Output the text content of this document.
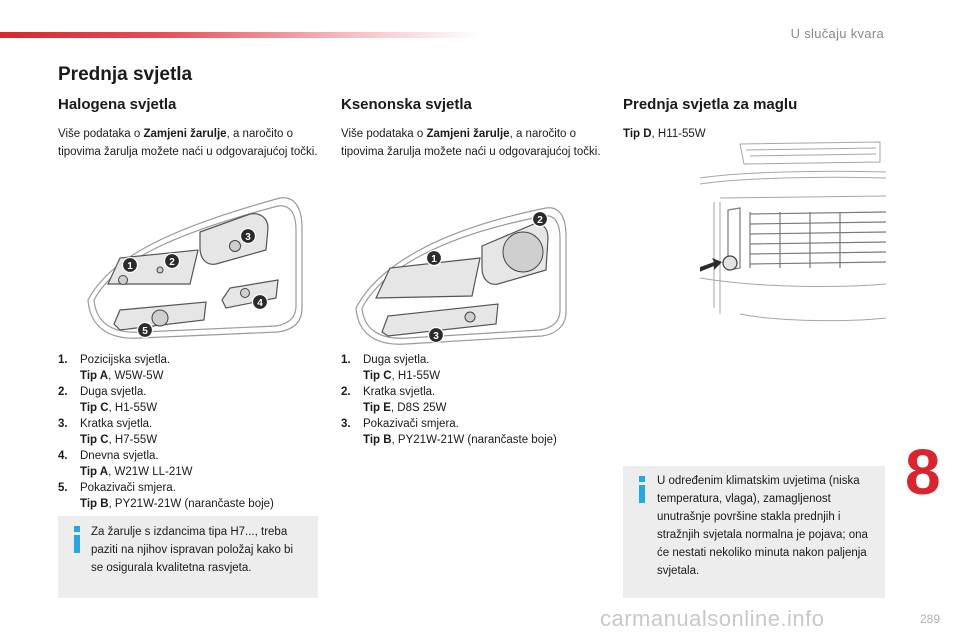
U slučaju kvara
Prednja svjetla
Halogena svjetla
Više podataka o Zamjeni žarulje, a naročito o tipovima žarulja možete naći u odgovarajućoj točki.
1	2
3
4
5
1.	Pozicijska svjetla.
Tip A, W5W-5W
2.	Duga svjetla.
Tip C, H1-55W
3.	Kratka svjetla.
Tip C, H7-55W
4.	Dnevna svjetla.
Tip A, W21W LL-21W
5.	Pokazivači smjera.
Tip B, PY21W-21W (narančaste boje)
Za žarulje s izdancima tipa H7..., treba paziti na njihov ispravan položaj kako bi se osigurala kvalitetna rasvjeta.
Ksenonska svjetla
Više podataka o Zamjeni žarulje, a naročito o tipovima žarulja možete naći u odgovarajućoj točki.
1
2
3
1.	Duga svjetla.
Tip C, H1-55W
2.	Kratka svjetla.
Tip E, D8S 25W
3.	Pokazivači smjera.
Tip B, PY21W-21W (narančaste boje)
Prednja svjetla za maglu
Tip D, H11-55W
U određenim klimatskim uvjetima (niska temperatura, vlaga), zamagljenost unutrašnje površine stakla prednjih i stražnjih svjetala normalna je pojava; ona će nestati nekoliko minuta nakon paljenja svjetala.
8
carmanualsonline.info	289
